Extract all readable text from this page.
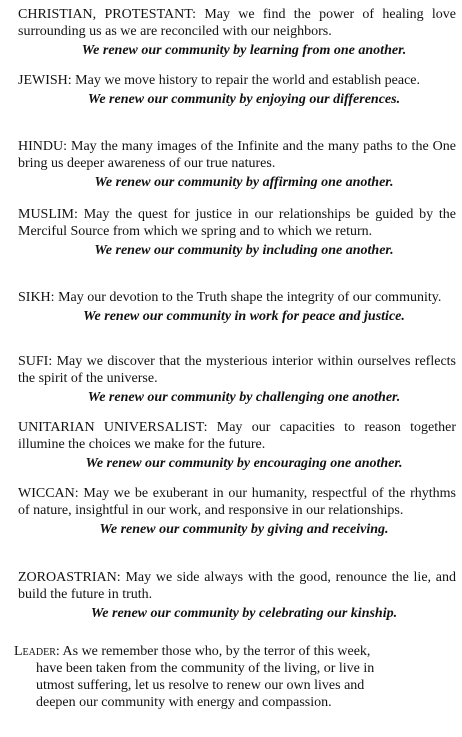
CHRISTIAN, PROTESTANT: May we find the power of healing love surrounding us as we are reconciled with our neighbors.
We renew our community by learning from one another.
JEWISH: May we move history to repair the world and establish peace.
We renew our community by enjoying our differences.
HINDU: May the many images of the Infinite and the many paths to the One bring us deeper awareness of our true natures.
We renew our community by affirming one another.
MUSLIM: May the quest for justice in our relationships be guided by the Merciful Source from which we spring and to which we return.
We renew our community by including one another.
SIKH: May our devotion to the Truth shape the integrity of our community.
We renew our community in work for peace and justice.
SUFI: May we discover that the mysterious interior within ourselves reflects the spirit of the universe.
We renew our community by challenging one another.
UNITARIAN UNIVERSALIST: May our capacities to reason together illumine the choices we make for the future.
We renew our community by encouraging one another.
WICCAN: May we be exuberant in our humanity, respectful of the rhythms of nature, insightful in our work, and responsive in our relationships.
We renew our community by giving and receiving.
ZOROASTRIAN: May we side always with the good, renounce the lie, and build the future in truth.
We renew our community by celebrating our kinship.
Leader: As we remember those who, by the terror of this week,
have been taken from the community of the living, or live in
utmost suffering, let us resolve to renew our own lives and
deepen our community with energy and compassion.
